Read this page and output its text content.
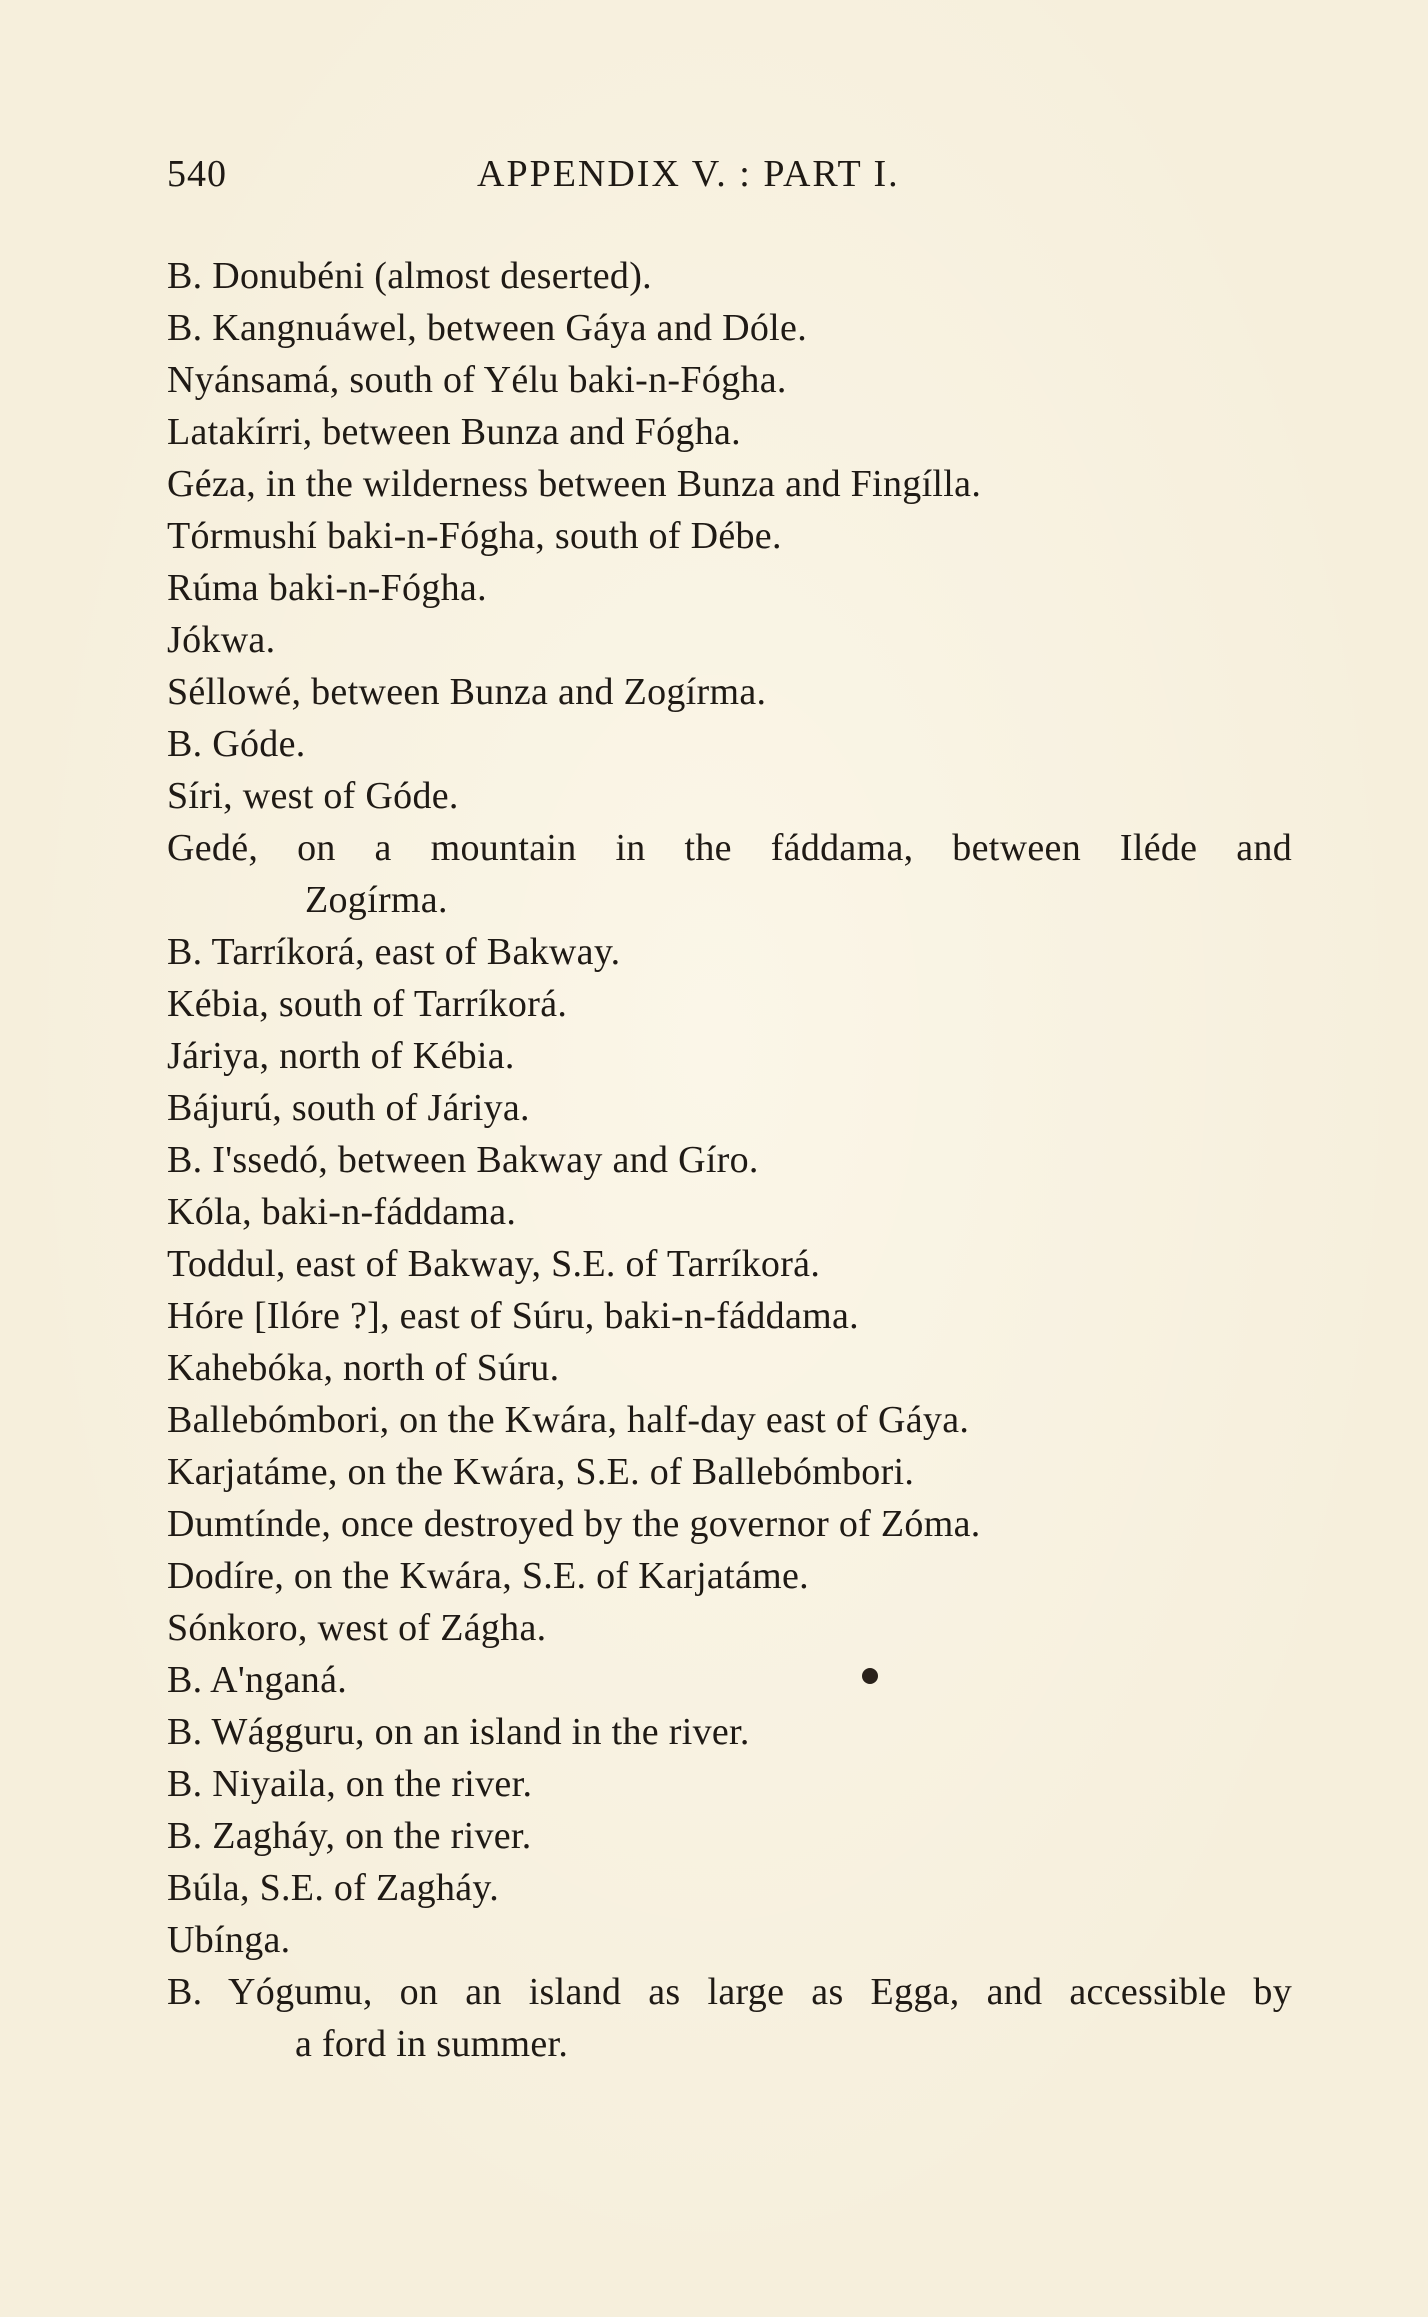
540	APPENDIX V. : PART I.
B. Donubéni (almost deserted).
B. Kangnuáwel, between Gáya and Dóle.
Nyánsamá, south of Yélu baki-n-Fógha.
Latakírri, between Bunza and Fógha.
Géza, in the wilderness between Bunza and Fingílla.
Tórmushí baki-n-Fógha, south of Débe.
Rúma baki-n-Fógha.
Jókwa.
Séllowé, between Bunza and Zogírma.
B. Góde.
Síri, west of Góde.
Gedé, on a mountain in the fáddama, between Iléde and
Zogírma.
B. Tarríkorá, east of Bakway.
Kébia, south of Tarríkorá.
Járiya, north of Kébia.
Bájurú, south of Járiya.
B. I'ssedó, between Bakway and Gíro.
Kóla, baki-n-fáddama.
Toddul, east of Bakway, S.E. of Tarríkorá.
Hóre [Ilóre ?], east of Súru, baki-n-fáddama.
Kahebóka, north of Súru.
Ballebómbori, on the Kwára, half-day east of Gáya.
Karjatáme, on the Kwára, S.E. of Ballebómbori.
Dumtínde, once destroyed by the governor of Zóma.
Dodíre, on the Kwára, S.E. of Karjatáme.
Sónkoro, west of Zágha.
B. A'nganá.
B. Wágguru, on an island in the river.
B. Niyaila, on the river.
B. Zagháy, on the river.
Búla, S.E. of Zagháy.
Ubínga.
B. Yógumu, on an island as large as Egga, and accessible by
a ford in summer.
